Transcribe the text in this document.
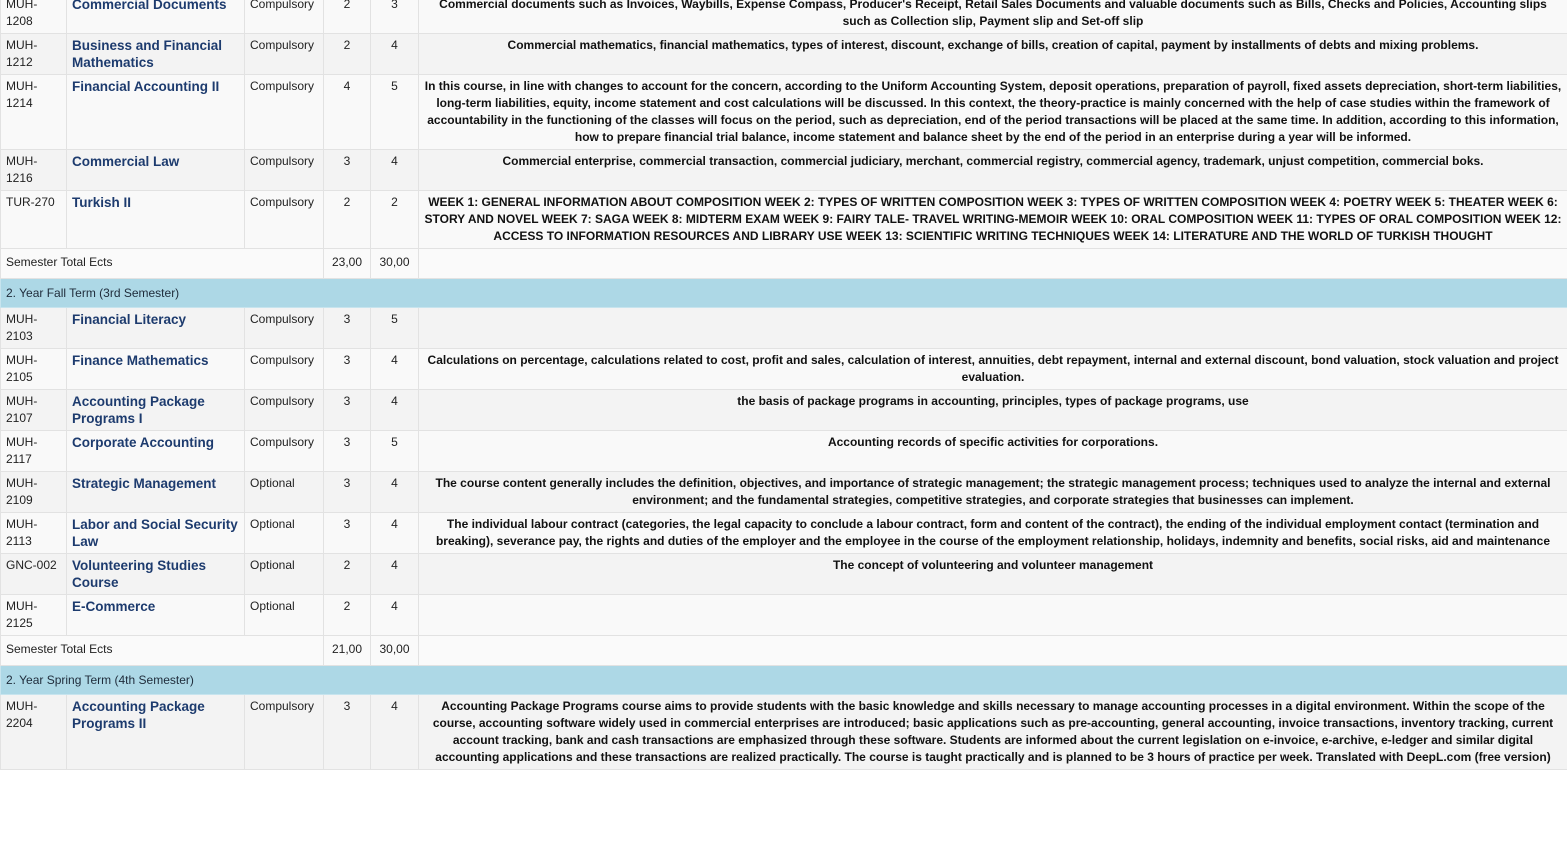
MUH-1208	Commercial Documents	Compulsory	2	3	Commercial documents such as Invoices, Waybills, Expense Compass, Producer's Receipt, Retail Sales Documents and valuable documents such as Bills, Checks and Policies, Accounting slips such as Collection slip, Payment slip and Set-off slip
MUH-1212	Business and Financial Mathematics	Compulsory	2	4	Commercial mathematics, financial mathematics, types of interest, discount, exchange of bills, creation of capital, payment by installments of debts and mixing problems.
MUH-1214	Financial Accounting II	Compulsory	4	5	In this course, in line with changes to account for the concern, according to the Uniform Accounting System, deposit operations, preparation of payroll, fixed assets depreciation, short-term liabilities, long-term liabilities, equity, income statement and cost calculations will be discussed. In this context, the theory-practice is mainly concerned with the help of case studies within the framework of accountability in the functioning of the classes will focus on the period, such as depreciation, end of the period transactions will be placed at the same time. In addition, according to this information, how to prepare financial trial balance, income statement and balance sheet by the end of the period in an enterprise during a year will be informed.
MUH-1216	Commercial Law	Compulsory	3	4	Commercial enterprise, commercial transaction, commercial judiciary, merchant, commercial registry, commercial agency, trademark, unjust competition, commercial boks.
TUR-270	Turkish II	Compulsory	2	2	WEEK 1: GENERAL INFORMATION ABOUT COMPOSITION WEEK 2: TYPES OF WRITTEN COMPOSITION WEEK 3: TYPES OF WRITTEN COMPOSITION WEEK 4: POETRY WEEK 5: THEATER WEEK 6: STORY AND NOVEL WEEK 7: SAGA WEEK 8: MIDTERM EXAM WEEK 9: FAIRY TALE- TRAVEL WRITING-MEMOIR WEEK 10: ORAL COMPOSITION WEEK 11: TYPES OF ORAL COMPOSITION WEEK 12: ACCESS TO INFORMATION RESOURCES AND LIBRARY USE WEEK 13: SCIENTIFIC WRITING TECHNIQUES WEEK 14: LITERATURE AND THE WORLD OF TURKISH THOUGHT
Semester Total Ects			23,00	30,00	
2. Year Fall Term (3rd Semester)					
MUH-2103	Financial Literacy	Compulsory	3	5	
MUH-2105	Finance Mathematics	Compulsory	3	4	Calculations on percentage, calculations related to cost, profit and sales, calculation of interest, annuities, debt repayment, internal and external discount, bond valuation, stock valuation and project evaluation.
MUH-2107	Accounting Package Programs I	Compulsory	3	4	the basis of package programs in accounting, principles, types of package programs, use
MUH-2117	Corporate Accounting	Compulsory	3	5	Accounting records of specific activities for corporations.
MUH-2109	Strategic Management	Optional	3	4	The course content generally includes the definition, objectives, and importance of strategic management; the strategic management process; techniques used to analyze the internal and external environment; and the fundamental strategies, competitive strategies, and corporate strategies that businesses can implement.
MUH-2113	Labor and Social Security Law	Optional	3	4	The individual labour contract (categories, the legal capacity to conclude a labour contract, form and content of the contract), the ending of the individual employment contact (termination and breaking), severance pay, the rights and duties of the employer and the employee in the course of the employment relationship, holidays, indemnity and benefits, social risks, aid and maintenance
GNC-002	Volunteering Studies Course	Optional	2	4	The concept of volunteering and volunteer management
MUH-2125	E-Commerce	Optional	2	4	
Semester Total Ects			21,00	30,00	
2. Year Spring Term (4th Semester)					
MUH-2204	Accounting Package Programs II	Compulsory	3	4	Accounting Package Programs course aims to provide students with the basic knowledge and skills necessary to manage accounting processes in a digital environment. Within the scope of the course, accounting software widely used in commercial enterprises are introduced; basic applications such as pre-accounting, general accounting, invoice transactions, inventory tracking, current account tracking, bank and cash transactions are emphasized through these software. Students are informed about the current legislation on e-invoice, e-archive, e-ledger and similar digital accounting applications and these transactions are realized practically. The course is taught practically and is planned to be 3 hours of practice per week. Translated with DeepL.com (free version)
